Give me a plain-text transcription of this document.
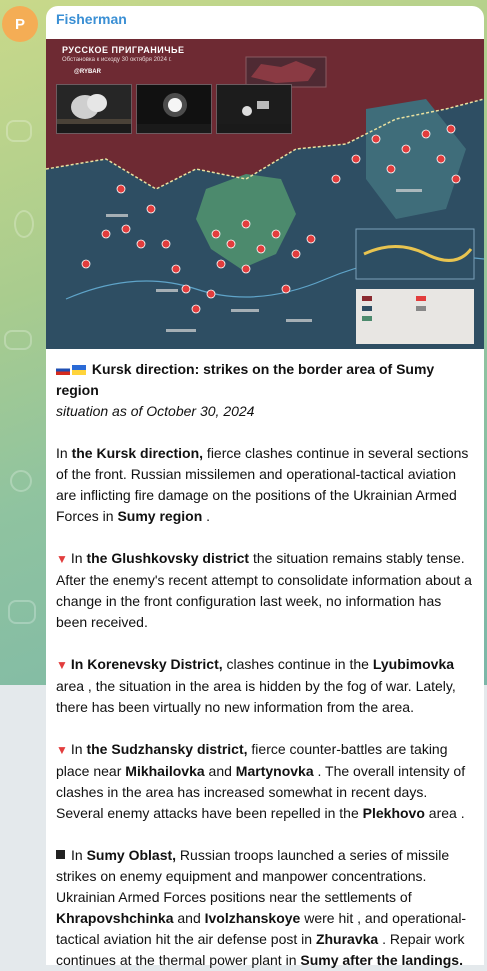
P Fisherman
РУССКОЕ ПРИГРАНИЧЬЕ
Обстановка к исходу 30 октября 2024 г.
@RYBAR

Kursk direction: strikes on the border area of Sumy region

situation as of October 30, 2024

In the Kursk direction, fierce clashes continue in several sections of the front. Russian missilemen and operational-tactical aviation are inflicting fire damage on the positions of the Ukrainian Armed Forces in Sumy region .

▼ In the Glushkovsky district the situation remains stably tense. After the enemy's recent attempt to consolidate information about a change in the front configuration last week, no information has been received.

▼ In Korenevsky District, clashes continue in the Lyubimovka area , the situation in the area is hidden by the fog of war. Lately, there has been virtually no new information from the area.

▼ In the Sudzhansky district, fierce counter-battles are taking place near Mikhailovka and Martynovka . The overall intensity of clashes in the area has increased somewhat in recent days. Several enemy attacks have been repelled in the Plekhovo area .

In Sumy Oblast, Russian troops launched a series of missile strikes on enemy equipment and manpower concentrations. Ukrainian Armed Forces positions near the settlements of Khrapovshchinka and Ivolzhanskoye were hit , and operational-tactical aviation hit the air defense post in Zhuravka . Repair work continues at the thermal power plant in Sumy after the landings.
